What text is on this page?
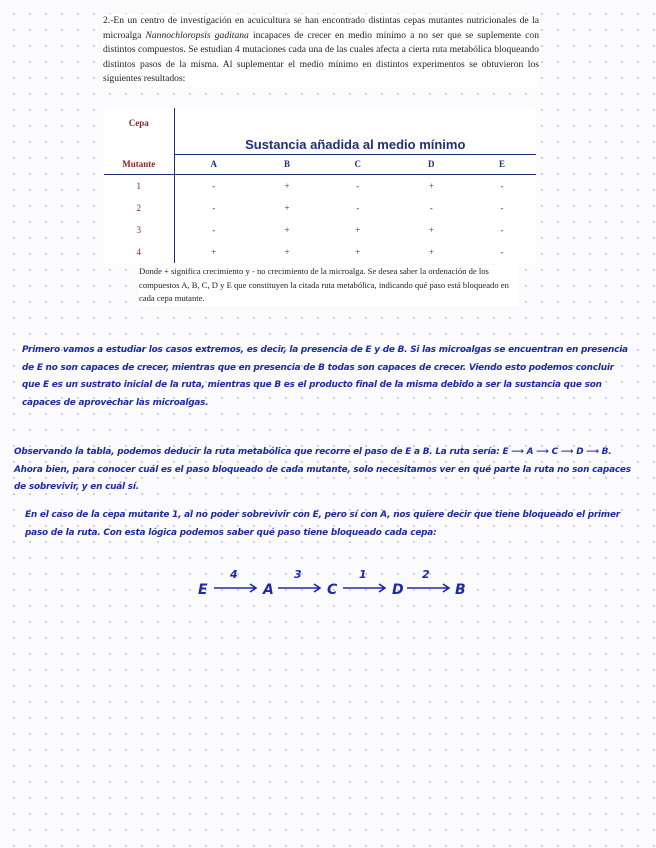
2.-En un centro de investigación en acuicultura se han encontrado distintas cepas mutantes nutricionales de la microalga Nannochloropsis gaditana incapaces de crecer en medio mínimo a no ser que se suplemente con distintos compuestos. Se estudian 4 mutaciones cada una de las cuales afecta a cierta ruta metabólica bloqueando distintos pasos de la misma. Al suplementar el medio mínimo en distintos experimentos se obtuvieron los siguientes resultados:

Cepa	Sustancia añadida al medio mínimo				
Mutante	A	B	C	D	E
1	-	+	-	+	-
2	-	+	-	-	-
3	-	+	+	+	-
4	+	+	+	+	-

Donde + significa crecimiento y - no crecimiento de la microalga. Se desea saber la ordenación de los compuestos A, B, C, D y E que constituyen la citada ruta metabólica, indicando qué paso está bloqueado en cada cepa mutante.

Primero vamos a estudiar los casos extremos, es decir, la presencia de E y de B. Si las microalgas se encuentran en presencia de E no son capaces de crecer, mientras que en presencia de B todas son capaces de crecer. Viendo esto podemos concluir que E es un sustrato inicial de la ruta, mientras que B es el producto final de la misma debido a ser la sustancia que son capaces de aprovechar las microalgas.

Observando la tabla, podemos deducir la ruta metabólica que recorre el paso de E a B. La ruta sería: E ⟶ A ⟶ C ⟶ D ⟶ B. Ahora bien, para conocer cuál es el paso bloqueado de cada mutante, solo necesitamos ver en qué parte la ruta no son capaces de sobrevivir, y en cuál sí.

En el caso de la cepa mutante 1, al no poder sobrevivir con E, pero sí con A, nos quiere decir que tiene bloqueado el primer paso de la ruta. Con esta lógica podemos saber qué paso tiene bloqueado cada cepa:

E	A	C	D	B
4	3	1	2
